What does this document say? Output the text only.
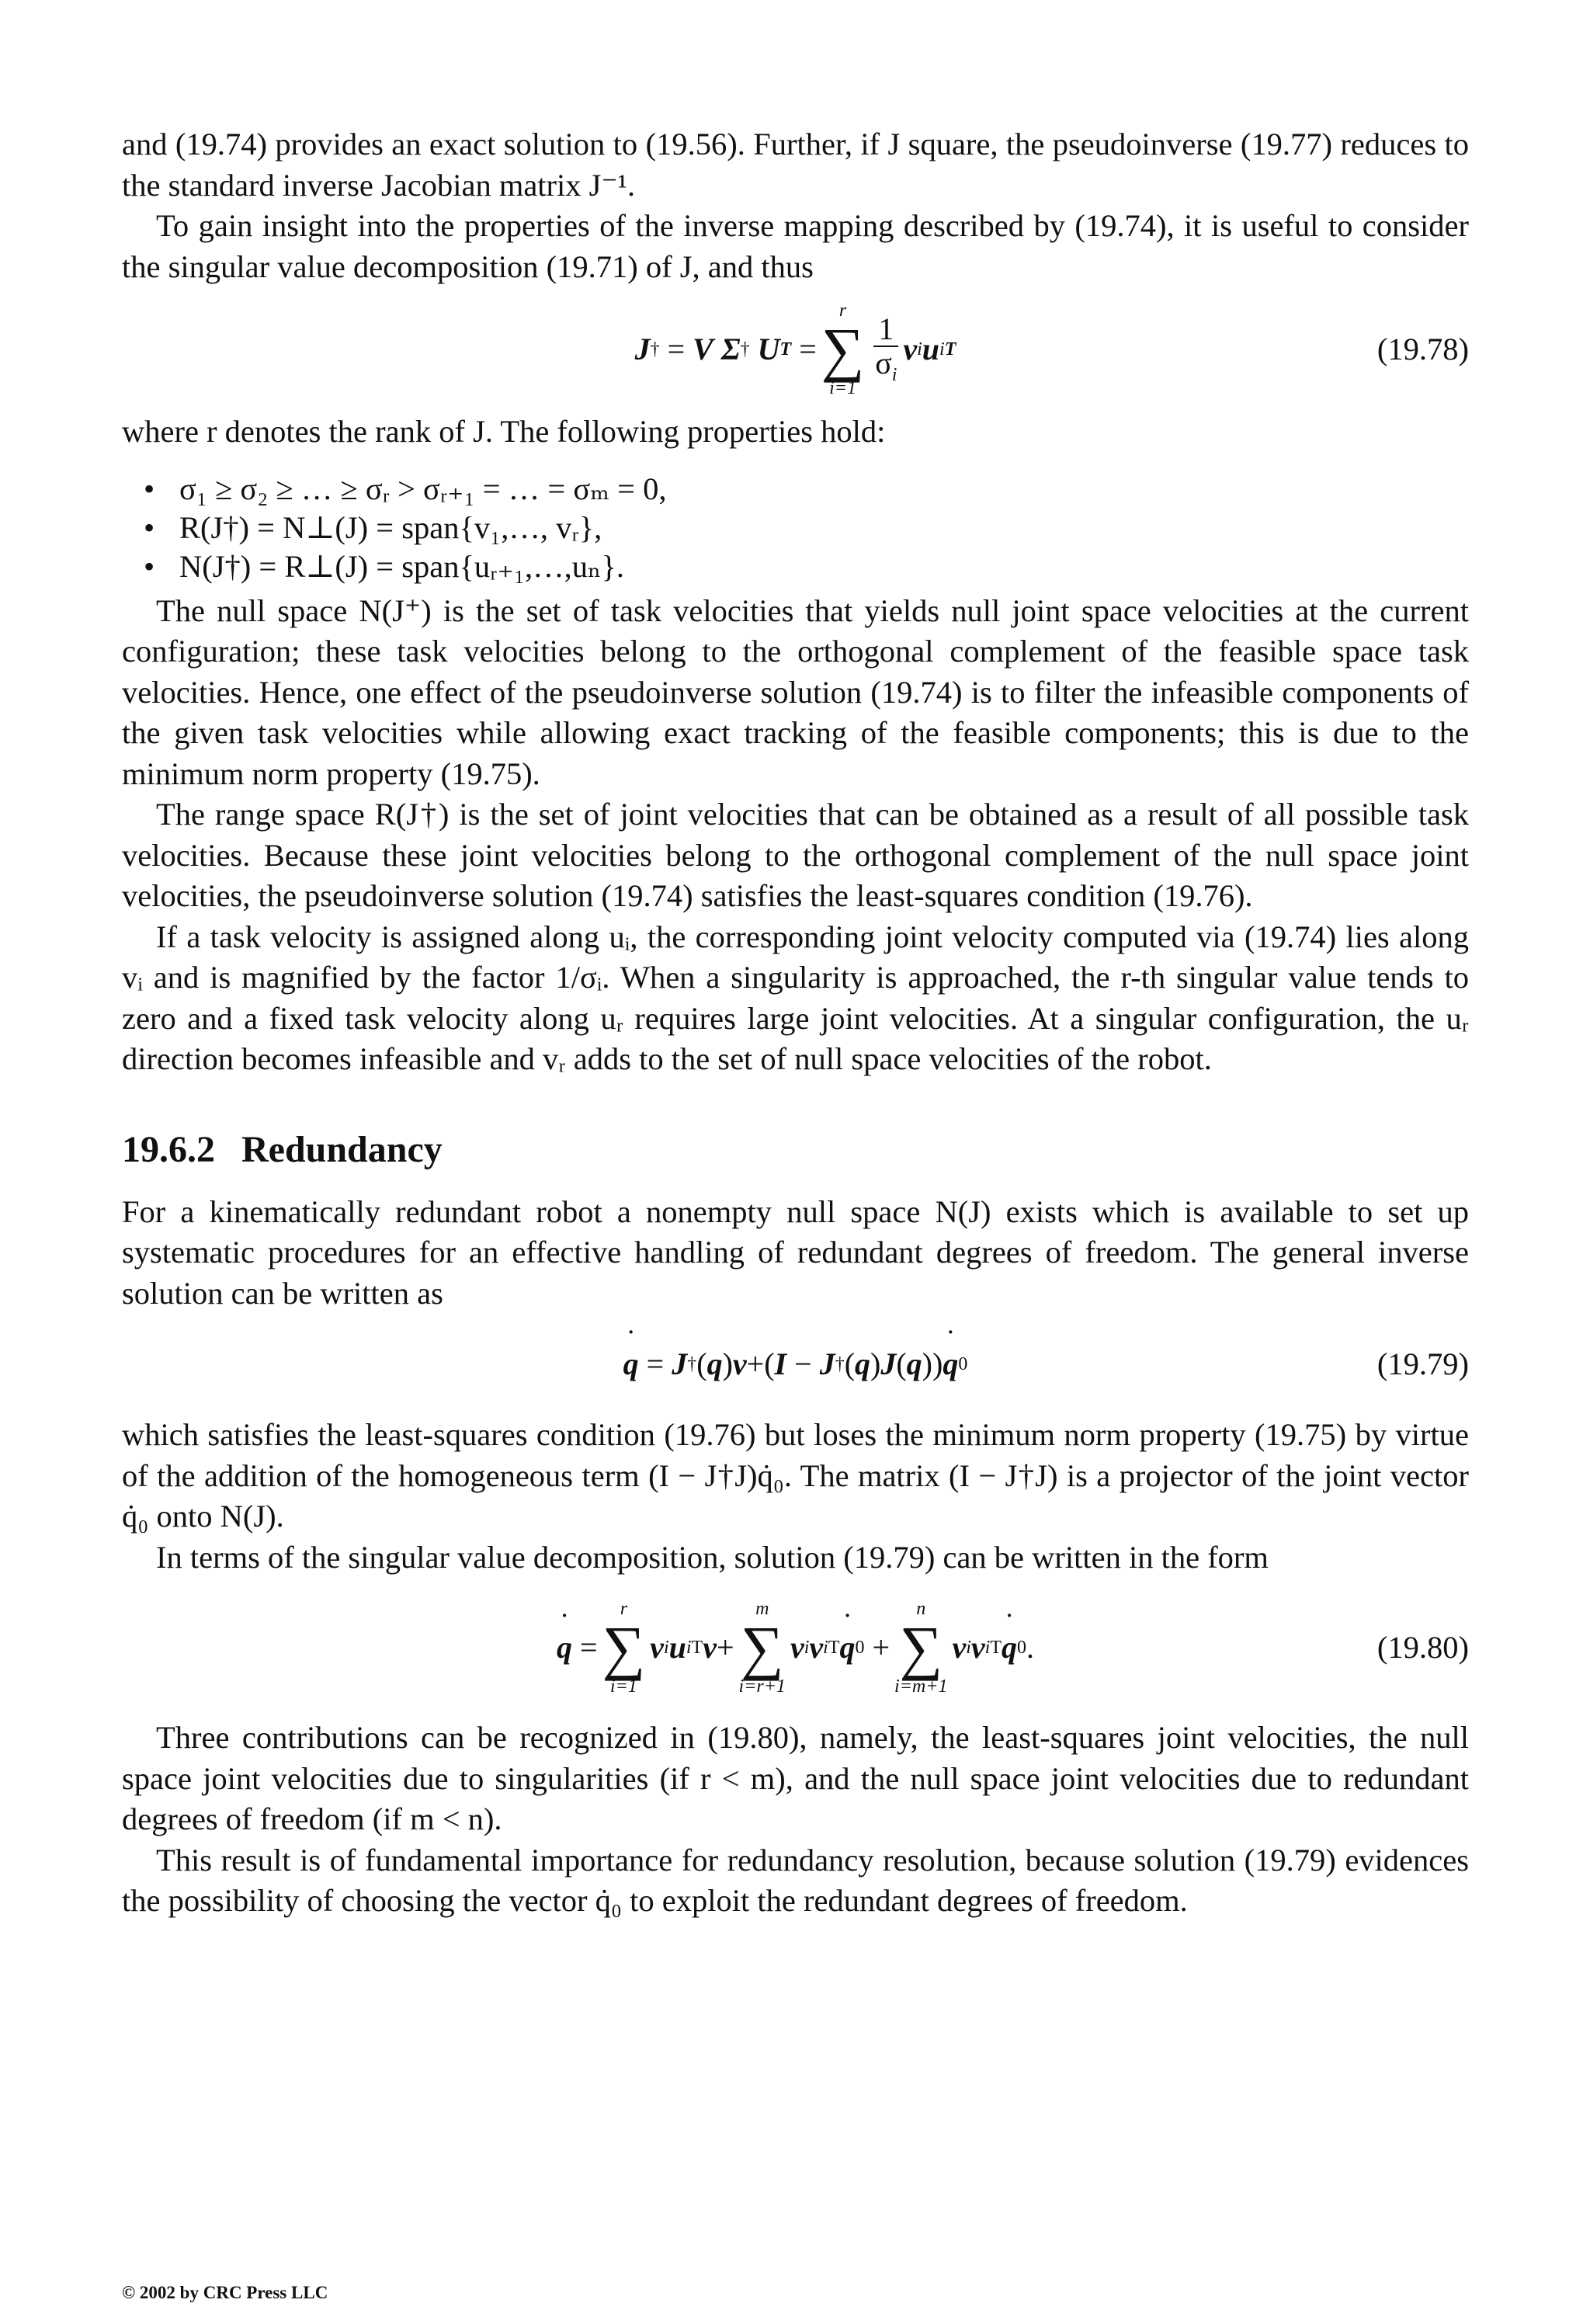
and (19.74) provides an exact solution to (19.56). Further, if J square, the pseudoinverse (19.77) reduces to the standard inverse Jacobian matrix J⁻¹.

To gain insight into the properties of the inverse mapping described by (19.74), it is useful to consider the singular value decomposition (19.71) of J, and thus

J † = V
Σ †
U T =
r
∑
i=1
$\frac{1}{\sigma_i}$ v i u i T	(19.78)

where r denotes the rank of J. The following properties hold:

• σ₁ ≥ σ₂ ≥ … ≥ σᵣ > σᵣ₊₁ = … = σₘ = 0,
• R(J†) = N⊥(J) = span{v₁,…, vᵣ},
• N(J†) = R⊥(J) = span{uᵣ₊₁,…,uₙ}.

The null space N(J⁺) is the set of task velocities that yields null joint space velocities at the current configuration; these task velocities belong to the orthogonal complement of the feasible space task velocities. Hence, one effect of the pseudoinverse solution (19.74) is to filter the infeasible components of the given task velocities while allowing exact tracking of the feasible components; this is due to the minimum norm property (19.75).

The range space R(J†) is the set of joint velocities that can be obtained as a result of all possible task velocities. Because these joint velocities belong to the orthogonal complement of the null space joint velocities, the pseudoinverse solution (19.74) satisfies the least-squares condition (19.76).

If a task velocity is assigned along uᵢ, the corresponding joint velocity computed via (19.74) lies along vᵢ and is magnified by the factor 1/σᵢ. When a singularity is approached, the r-th singular value tends to zero and a fixed task velocity along uᵣ requires large joint velocities. At a singular configuration, the uᵣ direction becomes infeasible and vᵣ adds to the set of null space velocities of the robot.

19.6.2 Redundancy

For a kinematically redundant robot a nonempty null space N(J) exists which is available to set up systematic procedures for an effective handling of redundant degrees of freedom. The general inverse solution can be written as

q ˙ = J † ( q ) v +( I − J † ( q ) J ( q )) q ˙ 0	(19.79)

which satisfies the least-squares condition (19.76) but loses the minimum norm property (19.75) by virtue of the addition of the homogeneous term (I − J†J)q̇₀. The matrix (I − J†J) is a projector of the joint vector q̇₀ onto N(J).

In terms of the singular value decomposition, solution (19.79) can be written in the form

q ˙ =
r
∑
i=1
v i u i T v +
m
∑
i=r+1
v i v i T q ˙ 0 +
n
∑
i=m+1
v i v i T q ˙ 0 .	(19.80)

Three contributions can be recognized in (19.80), namely, the least-squares joint velocities, the null space joint velocities due to singularities (if r < m), and the null space joint velocities due to redundant degrees of freedom (if m < n).

This result is of fundamental importance for redundancy resolution, because solution (19.79) evidences the possibility of choosing the vector q̇₀ to exploit the redundant degrees of freedom.

© 2002 by CRC Press LLC
